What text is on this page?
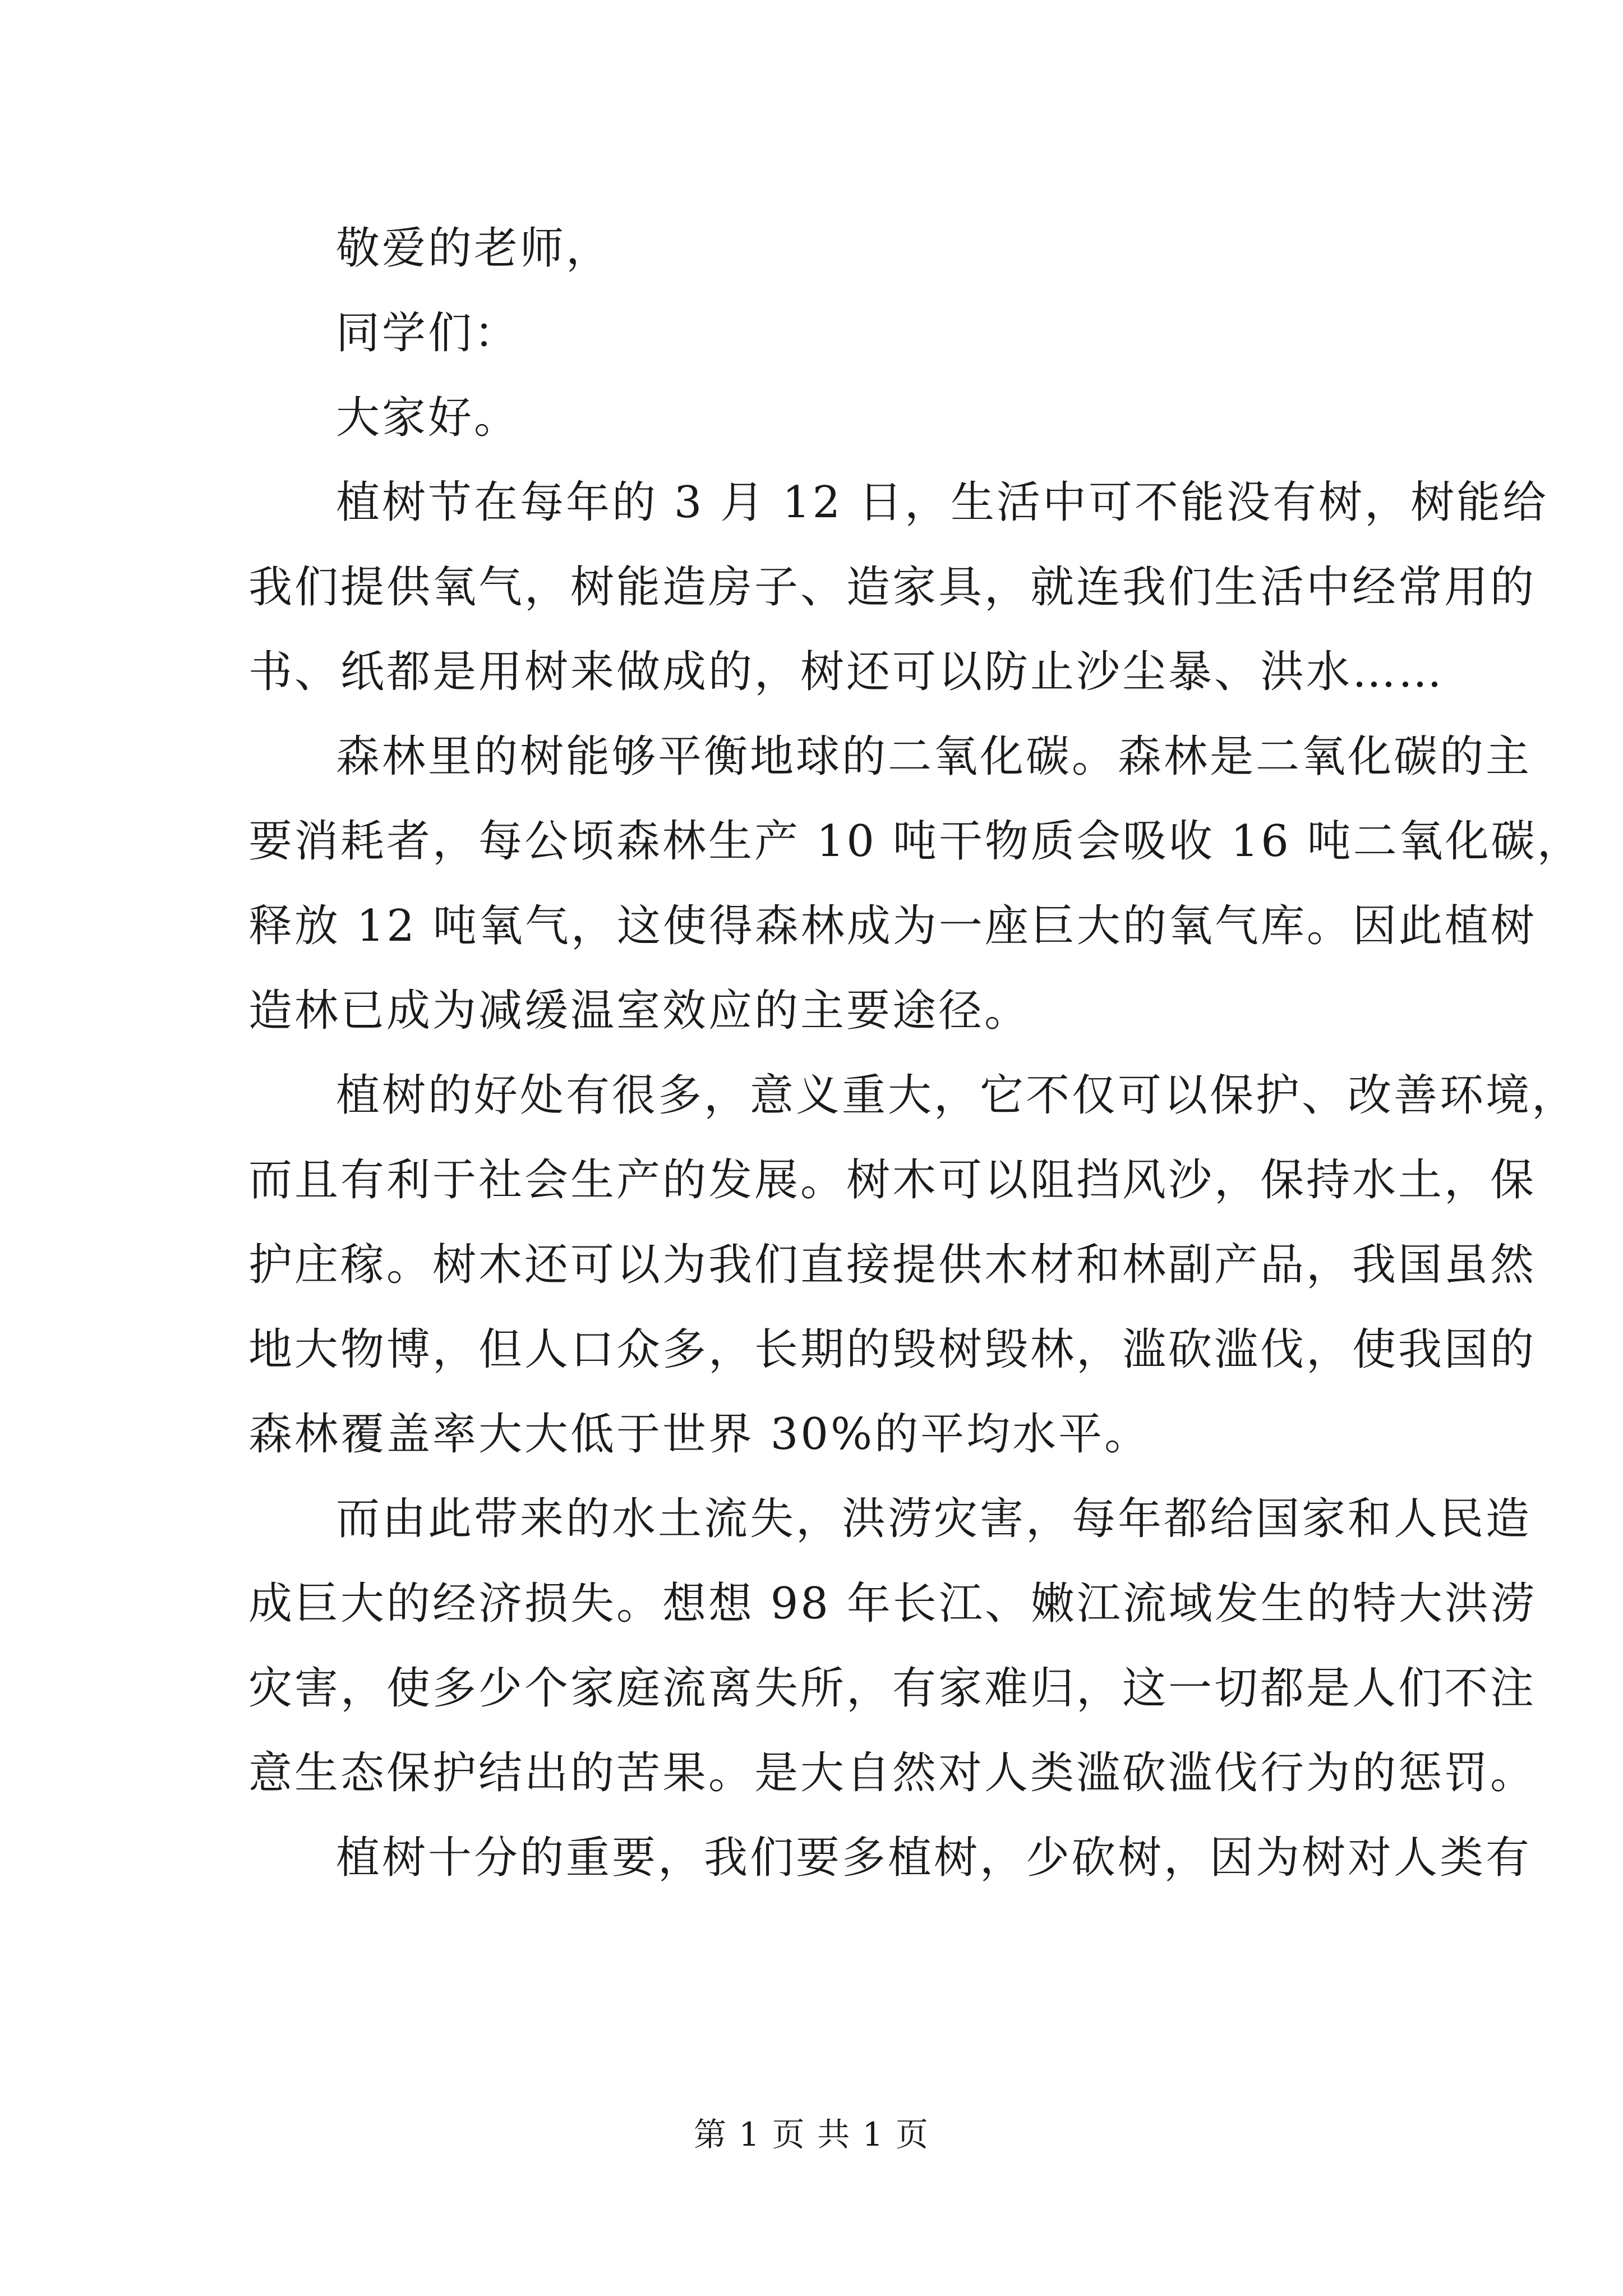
敬爱的老师，
同学们：
大家好。
植树节在每年的 3 月 12 日，生活中可不能没有树，树能给
我们提供氧气，树能造房子、造家具，就连我们生活中经常用的
书、纸都是用树来做成的，树还可以防止沙尘暴、洪水……
森林里的树能够平衡地球的二氧化碳。森林是二氧化碳的主
要消耗者，每公顷森林生产 10 吨干物质会吸收 16 吨二氧化碳，
释放 12 吨氧气，这使得森林成为一座巨大的氧气库。因此植树
造林已成为减缓温室效应的主要途径。
植树的好处有很多，意义重大，它不仅可以保护、改善环境，
而且有利于社会生产的发展。树木可以阻挡风沙，保持水土，保
护庄稼。树木还可以为我们直接提供木材和林副产品，我国虽然
地大物博，但人口众多，长期的毁树毁林，滥砍滥伐，使我国的
森林覆盖率大大低于世界 30%的平均水平。
而由此带来的水土流失，洪涝灾害，每年都给国家和人民造
成巨大的经济损失。想想 98 年长江、嫩江流域发生的特大洪涝
灾害，使多少个家庭流离失所，有家难归，这一切都是人们不注
意生态保护结出的苦果。是大自然对人类滥砍滥伐行为的惩罚。
植树十分的重要，我们要多植树，少砍树，因为树对人类有
第 1 页 共 1 页
